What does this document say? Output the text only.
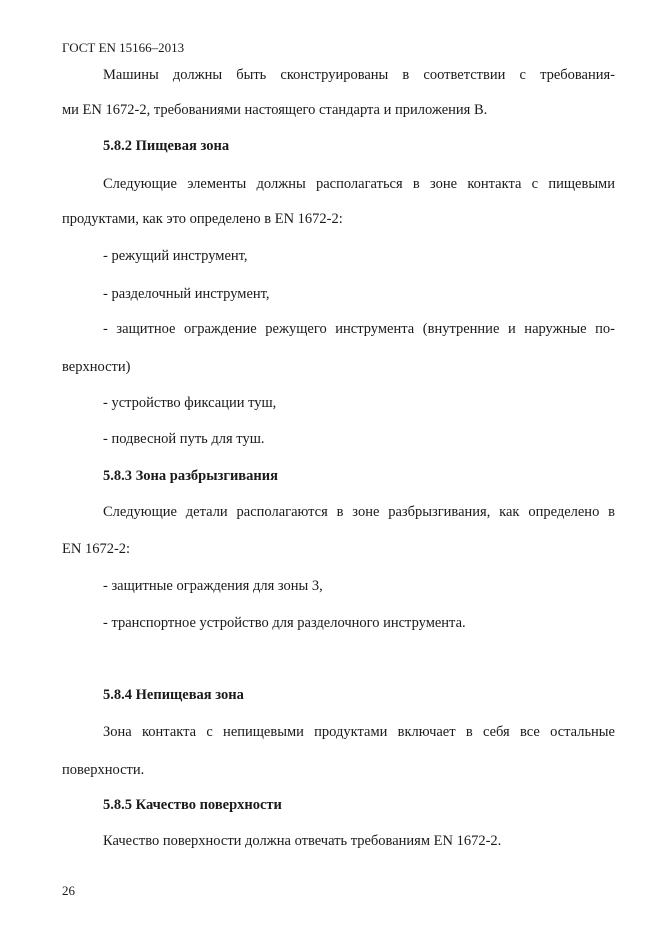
ГОСТ EN 15166–2013
Машины должны быть сконструированы в соответствии с требования-
ми EN 1672-2, требованиями настоящего стандарта и приложения B.
5.8.2 Пищевая зона
Следующие элементы должны располагаться в зоне контакта с пищевыми
продуктами, как это определено в EN 1672-2:
- режущий инструмент,
- разделочный инструмент,
- защитное ограждение режущего инструмента (внутренние и наружные по-
верхности)
- устройство фиксации туш,
- подвесной путь для туш.
5.8.3 Зона разбрызгивания
Следующие детали располагаются в зоне разбрызгивания, как определено в
EN 1672-2:
- защитные ограждения для зоны 3,
- транспортное устройство для разделочного инструмента.
5.8.4 Непищевая зона
Зона контакта с непищевыми продуктами включает в себя все остальные
поверхности.
5.8.5 Качество поверхности
Качество поверхности должна отвечать требованиям EN 1672-2.
26
